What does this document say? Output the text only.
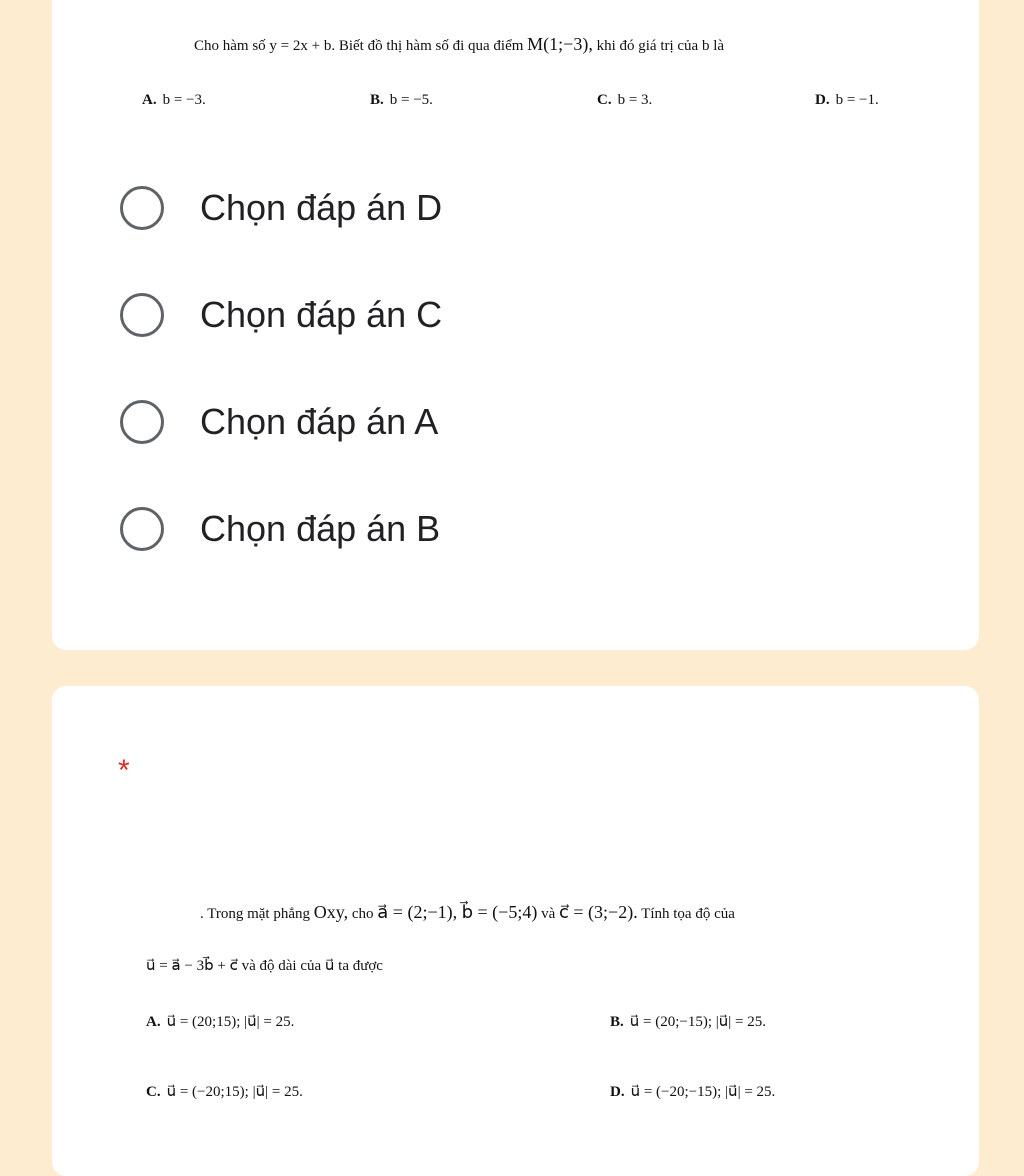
Cho hàm số y = 2x + b. Biết đồ thị hàm số đi qua điểm M(1;−3), khi đó giá trị của b là
A. b = −3.	B. b = −5.	C. b = 3.	D. b = −1.
Chọn đáp án D
Chọn đáp án C
Chọn đáp án A
Chọn đáp án B
*
. Trong mặt phẳng Oxy, cho a⃗ = (2;−1), b⃗ = (−5;4) và c⃗ = (3;−2). Tính tọa độ của
u⃗ = a⃗ − 3b⃗ + c⃗ và độ dài của u⃗ ta được
A. u⃗ = (20;15); |u⃗| = 25.	B. u⃗ = (20;−15); |u⃗| = 25.
C. u⃗ = (−20;15); |u⃗| = 25.	D. u⃗ = (−20;−15); |u⃗| = 25.
